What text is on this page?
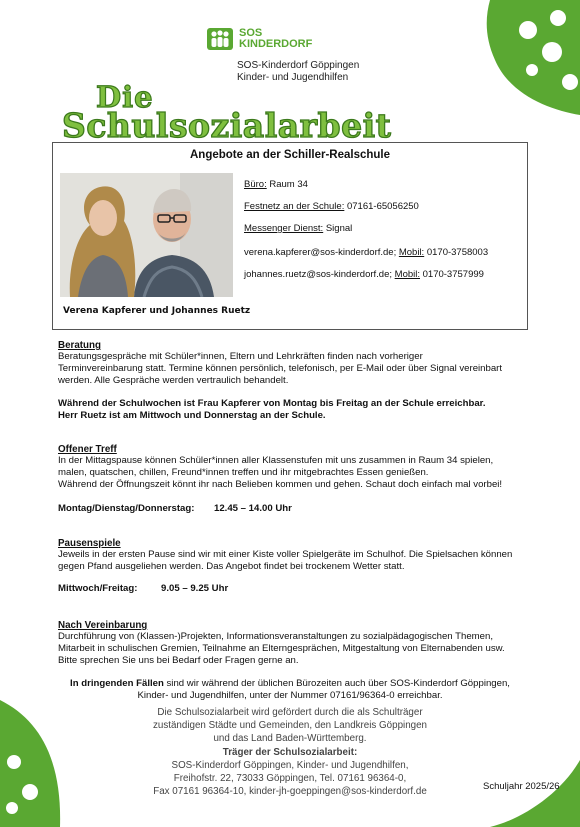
SOS
KINDERDORF
SOS-Kinderdorf Göppingen
Kinder- und Jugendhilfen
Die
Schulsozialarbeit
Angebote an der Schiller-Realschule
Verena Kapferer und Johannes Ruetz
Büro: Raum 34
Festnetz an der Schule: 07161-65056250
Messenger Dienst: Signal
verena.kapferer@sos-kinderdorf.de; Mobil: 0170-3758003
johannes.ruetz@sos-kinderdorf.de; Mobil: 0170-3757999
Beratung
Beratungsgespräche mit Schüler*innen, Eltern und Lehrkräften finden nach vorheriger
Terminvereinbarung statt. Termine können persönlich, telefonisch, per E-Mail oder über Signal vereinbart
werden. Alle Gespräche werden vertraulich behandelt.
Während der Schulwochen ist Frau Kapferer von Montag bis Freitag an der Schule erreichbar.
Herr Ruetz ist am Mittwoch und Donnerstag an der Schule.
Offener Treff
In der Mittagspause können Schüler*innen aller Klassenstufen mit uns zusammen in Raum 34 spielen,
malen, quatschen, chillen, Freund*innen treffen und ihr mitgebrachtes Essen genießen.
Während der Öffnungszeit könnt ihr nach Belieben kommen und gehen. Schaut doch einfach mal vorbei!
Montag/Dienstag/Donnerstag:	12.45 – 14.00 Uhr
Pausenspiele
Jeweils in der ersten Pause sind wir mit einer Kiste voller Spielgeräte im Schulhof. Die Spielsachen können
gegen Pfand ausgeliehen werden. Das Angebot findet bei trockenem Wetter statt.
Mittwoch/Freitag:	9.05 – 9.25 Uhr
Nach Vereinbarung
Durchführung von (Klassen-)Projekten, Informationsveranstaltungen zu sozialpädagogischen Themen,
Mitarbeit in schulischen Gremien, Teilnahme an Elterngesprächen, Mitgestaltung von Elternabenden usw.
Bitte sprechen Sie uns bei Bedarf oder Fragen gerne an.
In dringenden Fällen sind wir während der üblichen Bürozeiten auch über SOS-Kinderdorf Göppingen,
Kinder- und Jugendhilfen, unter der Nummer 07161/96364-0 erreichbar.
Die Schulsozialarbeit wird gefördert durch die als Schulträger
zuständigen Städte und Gemeinden, den Landkreis Göppingen
und das Land Baden-Württemberg.
Träger der Schulsozialarbeit:
SOS-Kinderdorf Göppingen, Kinder- und Jugendhilfen,
Freihofstr. 22, 73033 Göppingen, Tel. 07161 96364-0,
Fax 07161 96364-10, kinder-jh-goeppingen@sos-kinderdorf.de	Schuljahr 2025/26
